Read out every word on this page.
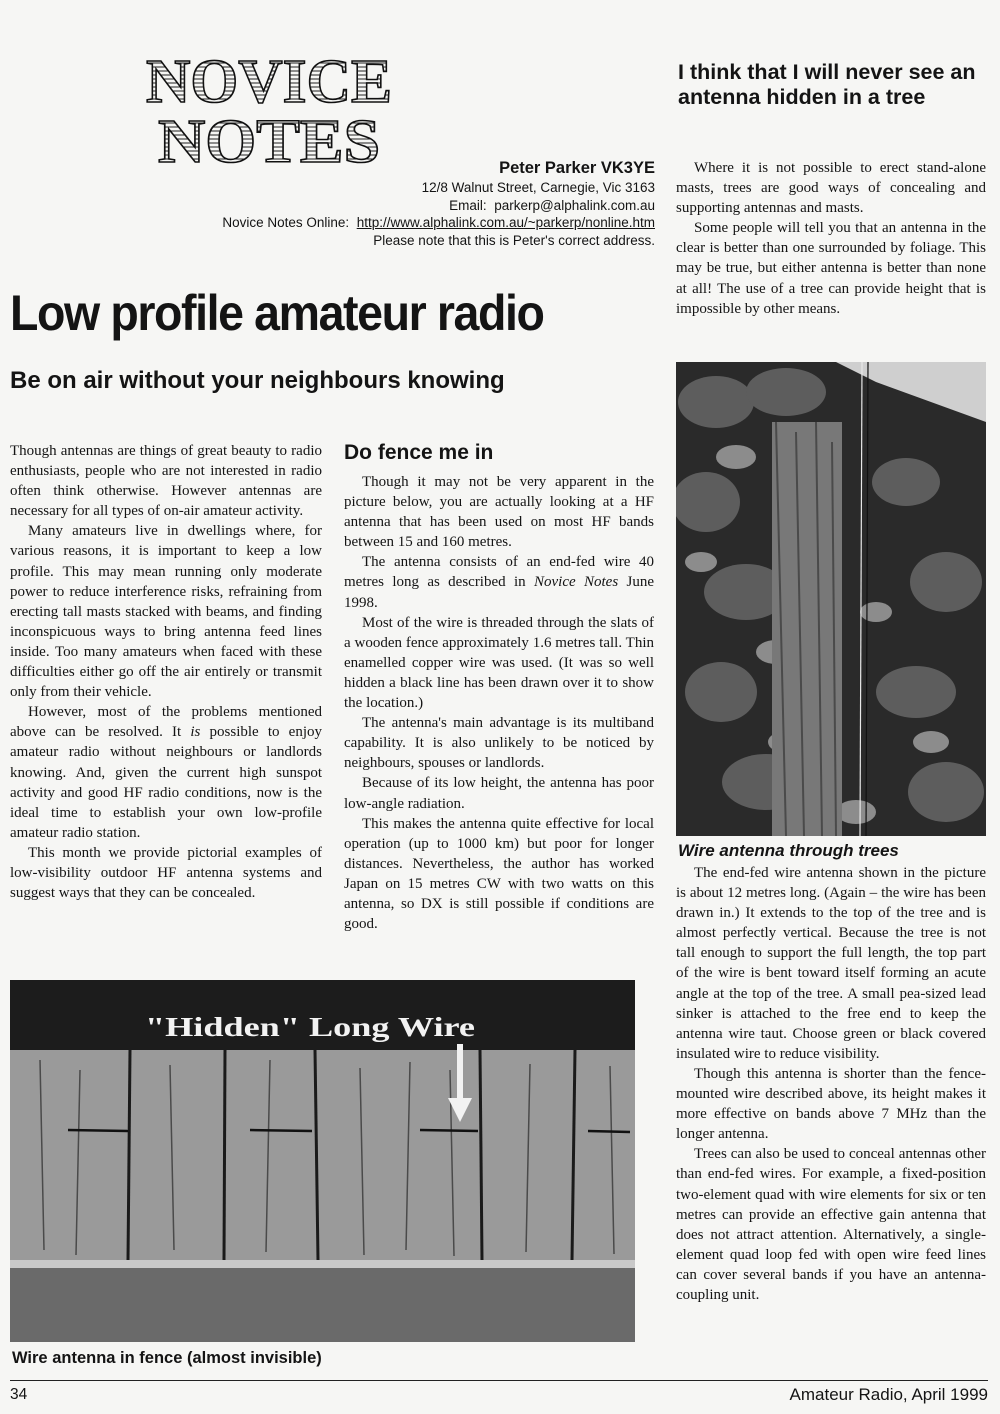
NOVICE
NOTES	Peter Parker VK3YE
12/8 Walnut Street, Carnegie, Vic 3163
Email: parkerp@alphalink.com.au
Novice Notes Online: http://www.alphalink.com.au/~parkerp/nonline.htm
Please note that this is Peter's correct address.
I think that I will never see an antenna hidden in a tree

Where it is not possible to erect stand-alone masts, trees are good ways of concealing and supporting antennas and masts.

Some people will tell you that an antenna in the clear is better than one surrounded by foliage. This may be true, but either antenna is better than none at all! The use of a tree can provide height that is impossible by other means.

Low profile amateur radio
Be on air without your neighbours knowing

Though antennas are things of great beauty to radio enthusiasts, people who are not interested in radio often think otherwise. However antennas are necessary for all types of on-air amateur activity.

Many amateurs live in dwellings where, for various reasons, it is important to keep a low profile. This may mean running only moderate power to reduce interference risks, refraining from erecting tall masts stacked with beams, and finding inconspicuous ways to bring antenna feed lines inside. Too many amateurs when faced with these difficulties either go off the air entirely or transmit only from their vehicle.

However, most of the problems mentioned above can be resolved. It is possible to enjoy amateur radio without neighbours or landlords knowing. And, given the current high sunspot activity and good HF radio conditions, now is the ideal time to establish your own low-profile amateur radio station.

This month we provide pictorial examples of low-visibility outdoor HF antenna systems and suggest ways that they can be concealed.

Do fence me in

Though it may not be very apparent in the picture below, you are actually looking at a HF antenna that has been used on most HF bands between 15 and 160 metres.

The antenna consists of an end-fed wire 40 metres long as described in Novice Notes June 1998.

Most of the wire is threaded through the slats of a wooden fence approximately 1.6 metres tall. Thin enamelled copper wire was used. (It was so well hidden a black line has been drawn over it to show the location.)

The antenna's main advantage is its multiband capability. It is also unlikely to be noticed by neighbours, spouses or landlords.

Because of its low height, the antenna has poor low-angle radiation.

This makes the antenna quite effective for local operation (up to 1000 km) but poor for longer distances. Nevertheless, the author has worked Japan on 15 metres CW with two watts on this antenna, so DX is still possible if conditions are good.

Wire antenna through trees

The end-fed wire antenna shown in the picture is about 12 metres long. (Again – the wire has been drawn in.) It extends to the top of the tree and is almost perfectly vertical. Because the tree is not tall enough to support the full length, the top part of the wire is bent toward itself forming an acute angle at the top of the tree. A small pea-sized lead sinker is attached to the free end to keep the antenna wire taut. Choose green or black covered insulated wire to reduce visibility.

Though this antenna is shorter than the fence-mounted wire described above, its height makes it more effective on bands above 7 MHz than the longer antenna.

Trees can also be used to conceal antennas other than end-fed wires. For example, a fixed-position two-element quad with wire elements for six or ten metres can provide an effective gain antenna that does not attract attention. Alternatively, a single-element quad loop fed with open wire feed lines can cover several bands if you have an antenna-coupling unit.

"Hidden" Long Wire
Wire antenna in fence (almost invisible)
34	Amateur Radio, April 1999
